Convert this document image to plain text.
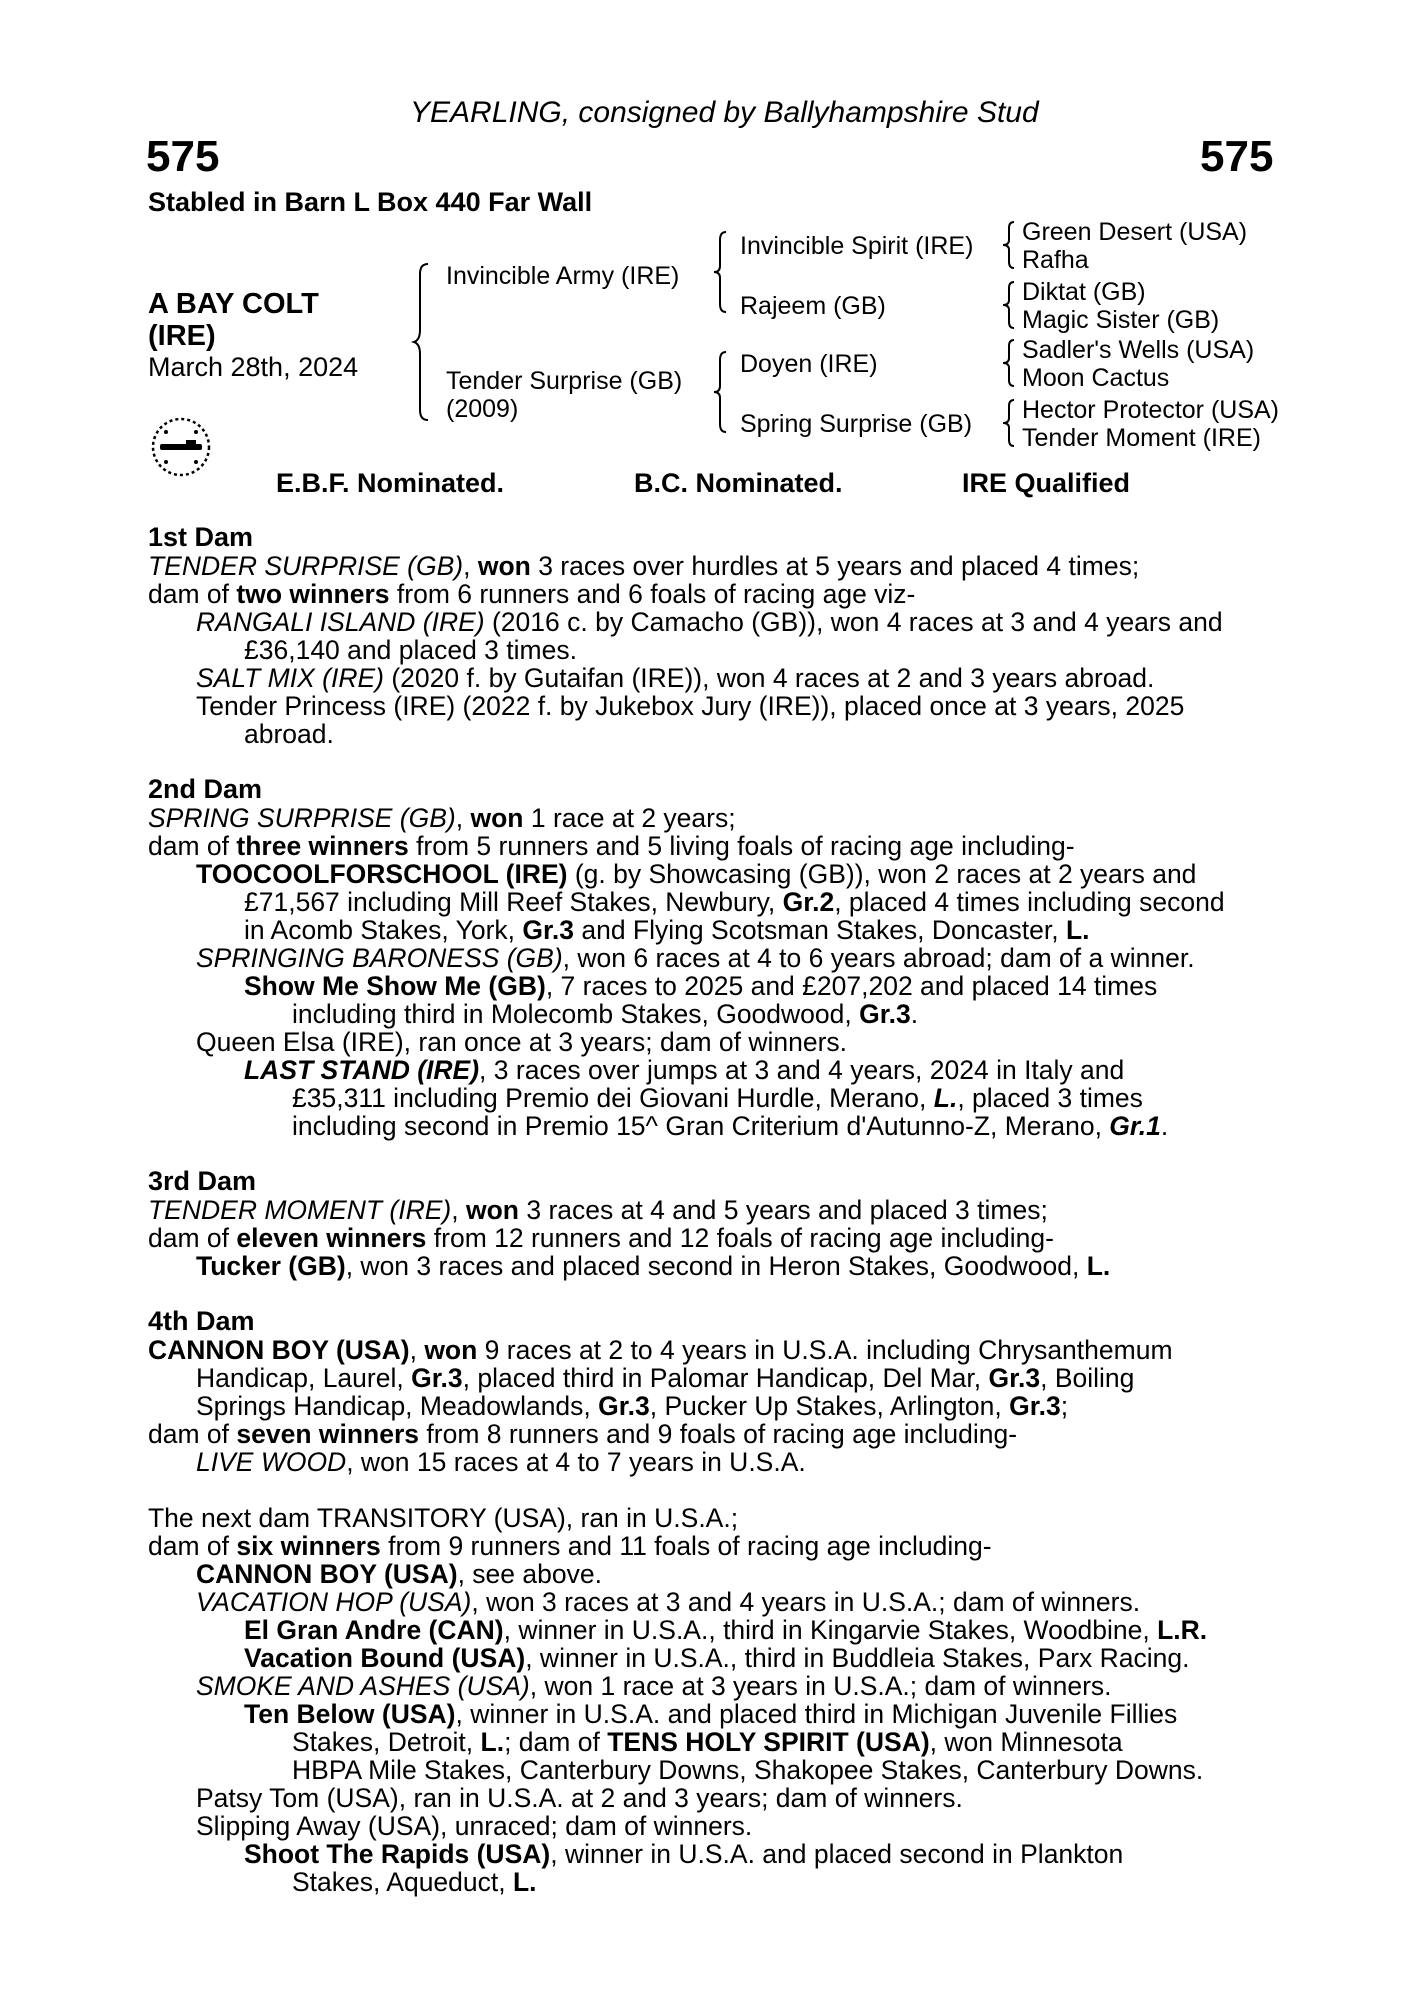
YEARLING, consigned by Ballyhampshire Stud
575	575
Stabled in Barn L Box 440 Far Wall
A BAY COLT
(IRE)
March 28th, 2024
Invincible Army (IRE)
Tender Surprise (GB)
(2009)
Invincible Spirit (IRE)
Rajeem (GB)
Doyen (IRE)
Spring Surprise (GB)
Green Desert (USA)
Rafha
Diktat (GB)
Magic Sister (GB)
Sadler's Wells (USA)
Moon Cactus
Hector Protector (USA)
Tender Moment (IRE)
E.B.F. Nominated.	B.C. Nominated.	IRE Qualified
1st Dam
TENDER SURPRISE (GB), won 3 races over hurdles at 5 years and placed 4 times;
dam of two winners from 6 runners and 6 foals of racing age viz-
RANGALI ISLAND (IRE) (2016 c. by Camacho (GB)), won 4 races at 3 and 4 years and
£36,140 and placed 3 times.
SALT MIX (IRE) (2020 f. by Gutaifan (IRE)), won 4 races at 2 and 3 years abroad.
Tender Princess (IRE) (2022 f. by Jukebox Jury (IRE)), placed once at 3 years, 2025
abroad.
2nd Dam
SPRING SURPRISE (GB), won 1 race at 2 years;
dam of three winners from 5 runners and 5 living foals of racing age including-
TOOCOOLFORSCHOOL (IRE) (g. by Showcasing (GB)), won 2 races at 2 years and
£71,567 including Mill Reef Stakes, Newbury, Gr.2, placed 4 times including second
in Acomb Stakes, York, Gr.3 and Flying Scotsman Stakes, Doncaster, L.
SPRINGING BARONESS (GB), won 6 races at 4 to 6 years abroad; dam of a winner.
Show Me Show Me (GB), 7 races to 2025 and £207,202 and placed 14 times
including third in Molecomb Stakes, Goodwood, Gr.3.
Queen Elsa (IRE), ran once at 3 years; dam of winners.
LAST STAND (IRE), 3 races over jumps at 3 and 4 years, 2024 in Italy and
£35,311 including Premio dei Giovani Hurdle, Merano, L., placed 3 times
including second in Premio 15^ Gran Criterium d'Autunno-Z, Merano, Gr.1.
3rd Dam
TENDER MOMENT (IRE), won 3 races at 4 and 5 years and placed 3 times;
dam of eleven winners from 12 runners and 12 foals of racing age including-
Tucker (GB), won 3 races and placed second in Heron Stakes, Goodwood, L.
4th Dam
CANNON BOY (USA), won 9 races at 2 to 4 years in U.S.A. including Chrysanthemum
Handicap, Laurel, Gr.3, placed third in Palomar Handicap, Del Mar, Gr.3, Boiling
Springs Handicap, Meadowlands, Gr.3, Pucker Up Stakes, Arlington, Gr.3;
dam of seven winners from 8 runners and 9 foals of racing age including-
LIVE WOOD, won 15 races at 4 to 7 years in U.S.A.
The next dam TRANSITORY (USA), ran in U.S.A.;
dam of six winners from 9 runners and 11 foals of racing age including-
CANNON BOY (USA), see above.
VACATION HOP (USA), won 3 races at 3 and 4 years in U.S.A.; dam of winners.
El Gran Andre (CAN), winner in U.S.A., third in Kingarvie Stakes, Woodbine, L.R.
Vacation Bound (USA), winner in U.S.A., third in Buddleia Stakes, Parx Racing.
SMOKE AND ASHES (USA), won 1 race at 3 years in U.S.A.; dam of winners.
Ten Below (USA), winner in U.S.A. and placed third in Michigan Juvenile Fillies
Stakes, Detroit, L.; dam of TENS HOLY SPIRIT (USA), won Minnesota
HBPA Mile Stakes, Canterbury Downs, Shakopee Stakes, Canterbury Downs.
Patsy Tom (USA), ran in U.S.A. at 2 and 3 years; dam of winners.
Slipping Away (USA), unraced; dam of winners.
Shoot The Rapids (USA), winner in U.S.A. and placed second in Plankton
Stakes, Aqueduct, L.
